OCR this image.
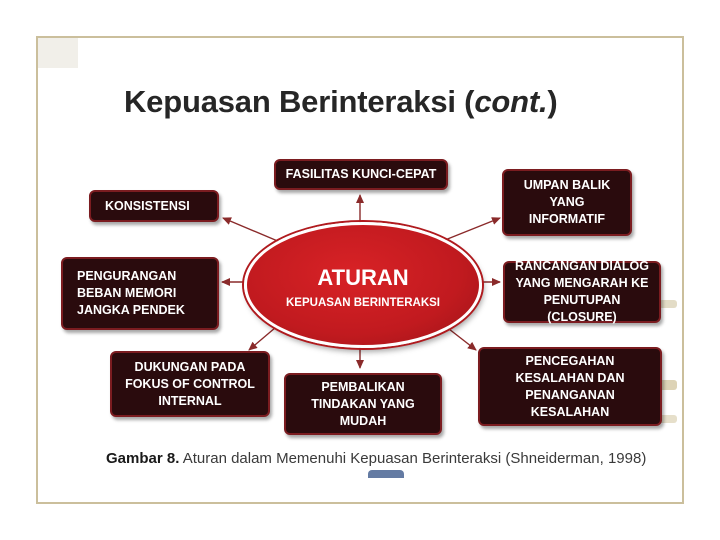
Kepuasan Berinteraksi (cont.)
FASILITAS KUNCI-CEPAT
KONSISTENSI
UMPAN BALIK
YANG
INFORMATIF
PENGURANGAN
BEBAN MEMORI
JANGKA PENDEK
RANCANGAN DIALOG
YANG MENGARAH KE
PENUTUPAN (CLOSURE)
DUKUNGAN PADA
FOKUS OF CONTROL
INTERNAL
PEMBALIKAN
TINDAKAN YANG
MUDAH
PENCEGAHAN
KESALAHAN DAN
PENANGANAN
KESALAHAN
ATURAN
KEPUASAN BERINTERAKSI
Gambar 8. Aturan dalam Memenuhi Kepuasan Berinteraksi (Shneiderman, 1998)
